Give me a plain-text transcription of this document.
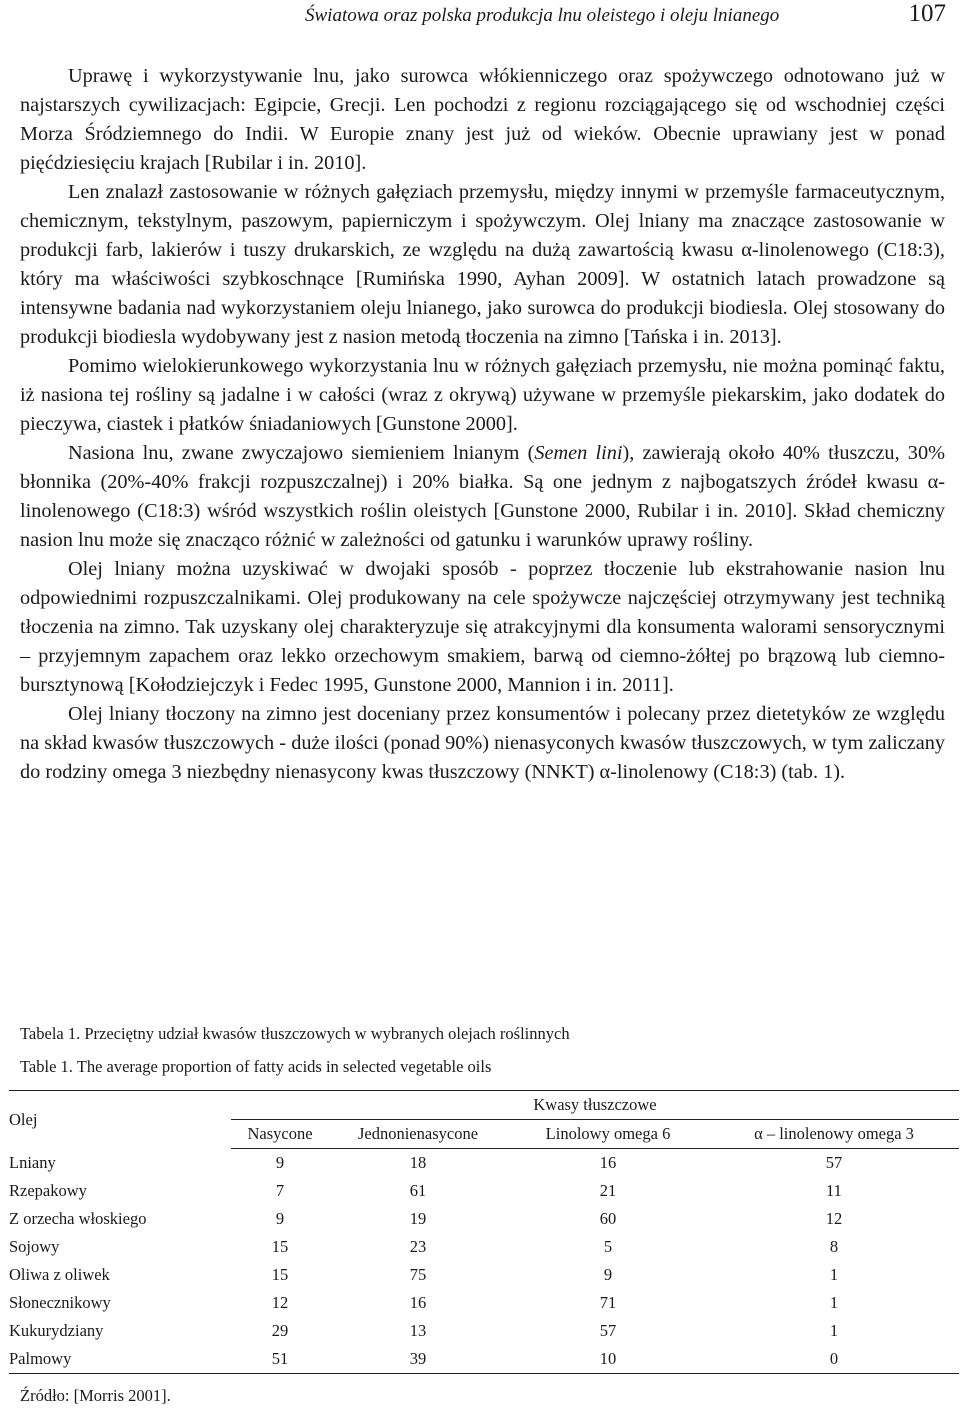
Światowa oraz polska produkcja lnu oleistego i oleju lnianego	107

Uprawę i wykorzystywanie lnu, jako surowca włókienniczego oraz spożywczego odnotowano już w najstarszych cywilizacjach: Egipcie, Grecji. Len pochodzi z regionu rozciągającego się od wschodniej części Morza Śródziemnego do Indii. W Europie znany jest już od wieków. Obecnie uprawiany jest w ponad pięćdziesięciu krajach [Rubilar i in. 2010].

Len znalazł zastosowanie w różnych gałęziach przemysłu, między innymi w przemyśle farmaceutycznym, chemicznym, tekstylnym, paszowym, papierniczym i spożywczym. Olej lniany ma znaczące zastosowanie w produkcji farb, lakierów i tuszy drukarskich, ze względu na dużą zawartością kwasu α-linolenowego (C18:3), który ma właściwości szybkoschnące [Rumińska 1990, Ayhan 2009]. W ostatnich latach prowadzone są intensywne badania nad wykorzystaniem oleju lnianego, jako surowca do produkcji biodiesla. Olej stosowany do produkcji biodiesla wydobywany jest z nasion metodą tłoczenia na zimno [Tańska i in. 2013].

Pomimo wielokierunkowego wykorzystania lnu w różnych gałęziach przemysłu, nie można pominąć faktu, iż nasiona tej rośliny są jadalne i w całości (wraz z okrywą) używane w przemyśle piekarskim, jako dodatek do pieczywa, ciastek i płatków śniadaniowych [Gunstone 2000].

Nasiona lnu, zwane zwyczajowo siemieniem lnianym (Semen lini), zawierają około 40% tłuszczu, 30% błonnika (20%-40% frakcji rozpuszczalnej) i 20% białka. Są one jednym z najbogatszych źródeł kwasu α-linolenowego (C18:3) wśród wszystkich roślin oleistych [Gunstone 2000, Rubilar i in. 2010]. Skład chemiczny nasion lnu może się znacząco różnić w zależności od gatunku i warunków uprawy rośliny.

Olej lniany można uzyskiwać w dwojaki sposób - poprzez tłoczenie lub ekstrahowanie nasion lnu odpowiednimi rozpuszczalnikami. Olej produkowany na cele spożywcze najczęściej otrzymywany jest techniką tłoczenia na zimno. Tak uzyskany olej charakteryzuje się atrakcyjnymi dla konsumenta walorami sensorycznymi – przyjemnym zapachem oraz lekko orzechowym smakiem, barwą od ciemno-żółtej po brązową lub ciemno-bursztynową [Kołodziejczyk i Fedec 1995, Gunstone 2000, Mannion i in. 2011].

Olej lniany tłoczony na zimno jest doceniany przez konsumentów i polecany przez dietetyków ze względu na skład kwasów tłuszczowych - duże ilości (ponad 90%) nienasyconych kwasów tłuszczowych, w tym zaliczany do rodziny omega 3 niezbędny nienasycony kwas tłuszczowy (NNKT) α-linolenowy (C18:3) (tab. 1).

Tabela 1. Przeciętny udział kwasów tłuszczowych w wybranych olejach roślinnych
Table 1. The average proportion of fatty acids in selected vegetable oils
Olej	Kwasy tłuszczowe			
	Nasycone	Jednonienasycone	Linolowy omega 6	α – linolenowy omega 3
Lniany	9	18	16	57
Rzepakowy	7	61	21	11
Z orzecha włoskiego	9	19	60	12
Sojowy	15	23	5	8
Oliwa z oliwek	15	75	9	1
Słonecznikowy	12	16	71	1
Kukurydziany	29	13	57	1
Palmowy	51	39	10	0
Źródło: [Morris 2001].
